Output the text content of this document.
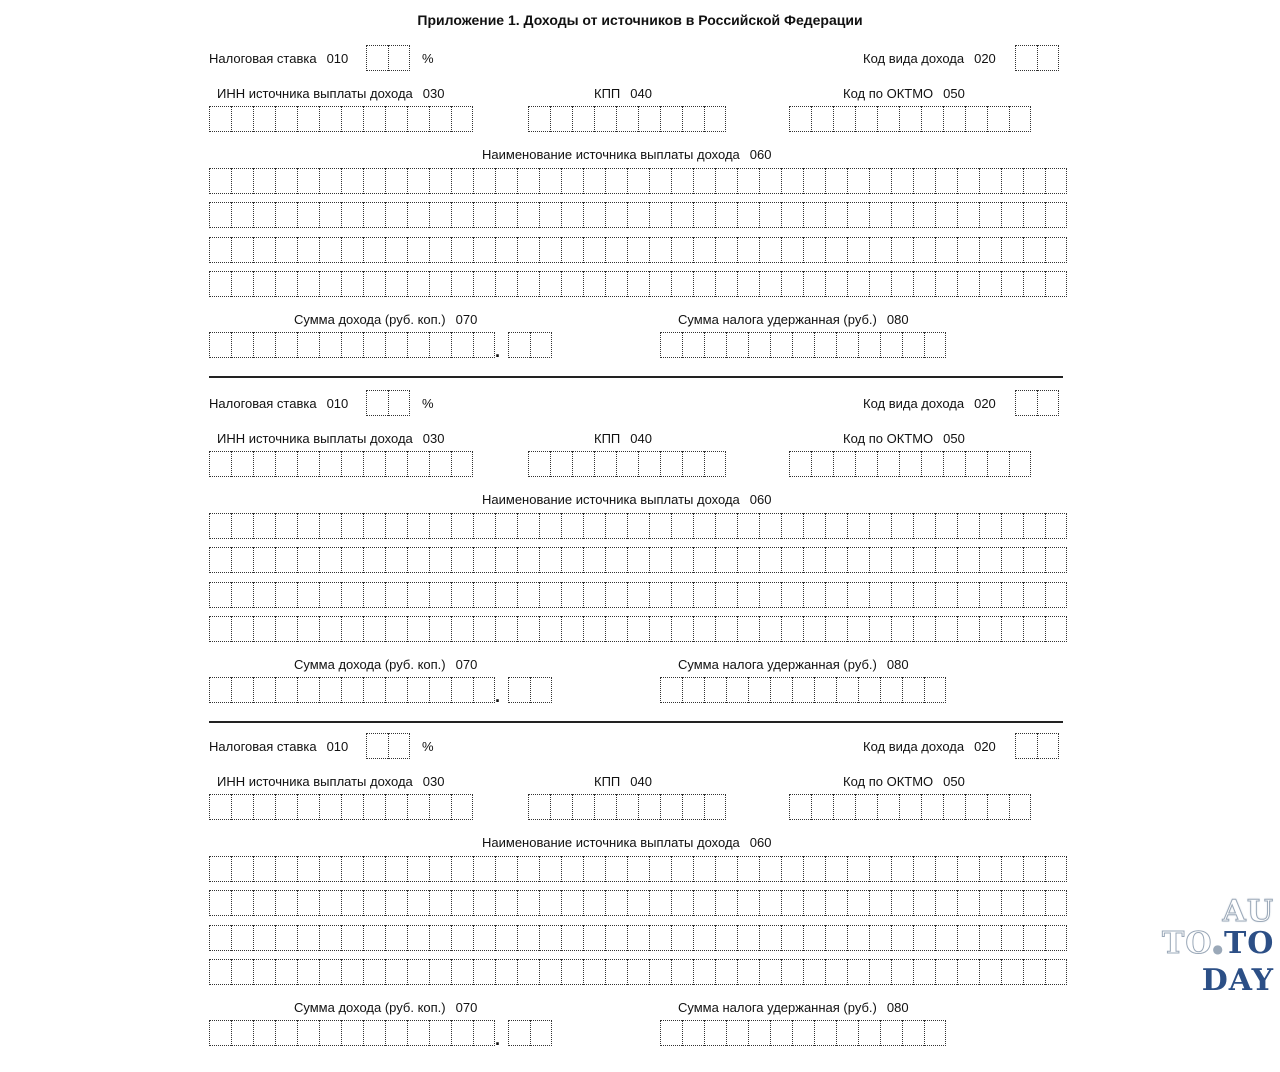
Приложение 1. Доходы от источников в Российской Федерации
Налоговая ставка 010	%	Код вида дохода 020
ИНН источника выплаты дохода 030	КПП 040	Код по ОКТМО 050
Наименование источника выплаты дохода 060
Сумма дохода (руб. коп.) 070	Сумма налога удержанная (руб.) 080
.
Налоговая ставка 010	%	Код вида дохода 020
ИНН источника выплаты дохода 030	КПП 040	Код по ОКТМО 050
Наименование источника выплаты дохода 060
Сумма дохода (руб. коп.) 070	Сумма налога удержанная (руб.) 080
.
Налоговая ставка 010	%	Код вида дохода 020
ИНН источника выплаты дохода 030	КПП 040	Код по ОКТМО 050
Наименование источника выплаты дохода 060
Сумма дохода (руб. коп.) 070	Сумма налога удержанная (руб.) 080
.
AU
TO●TO
DAY
